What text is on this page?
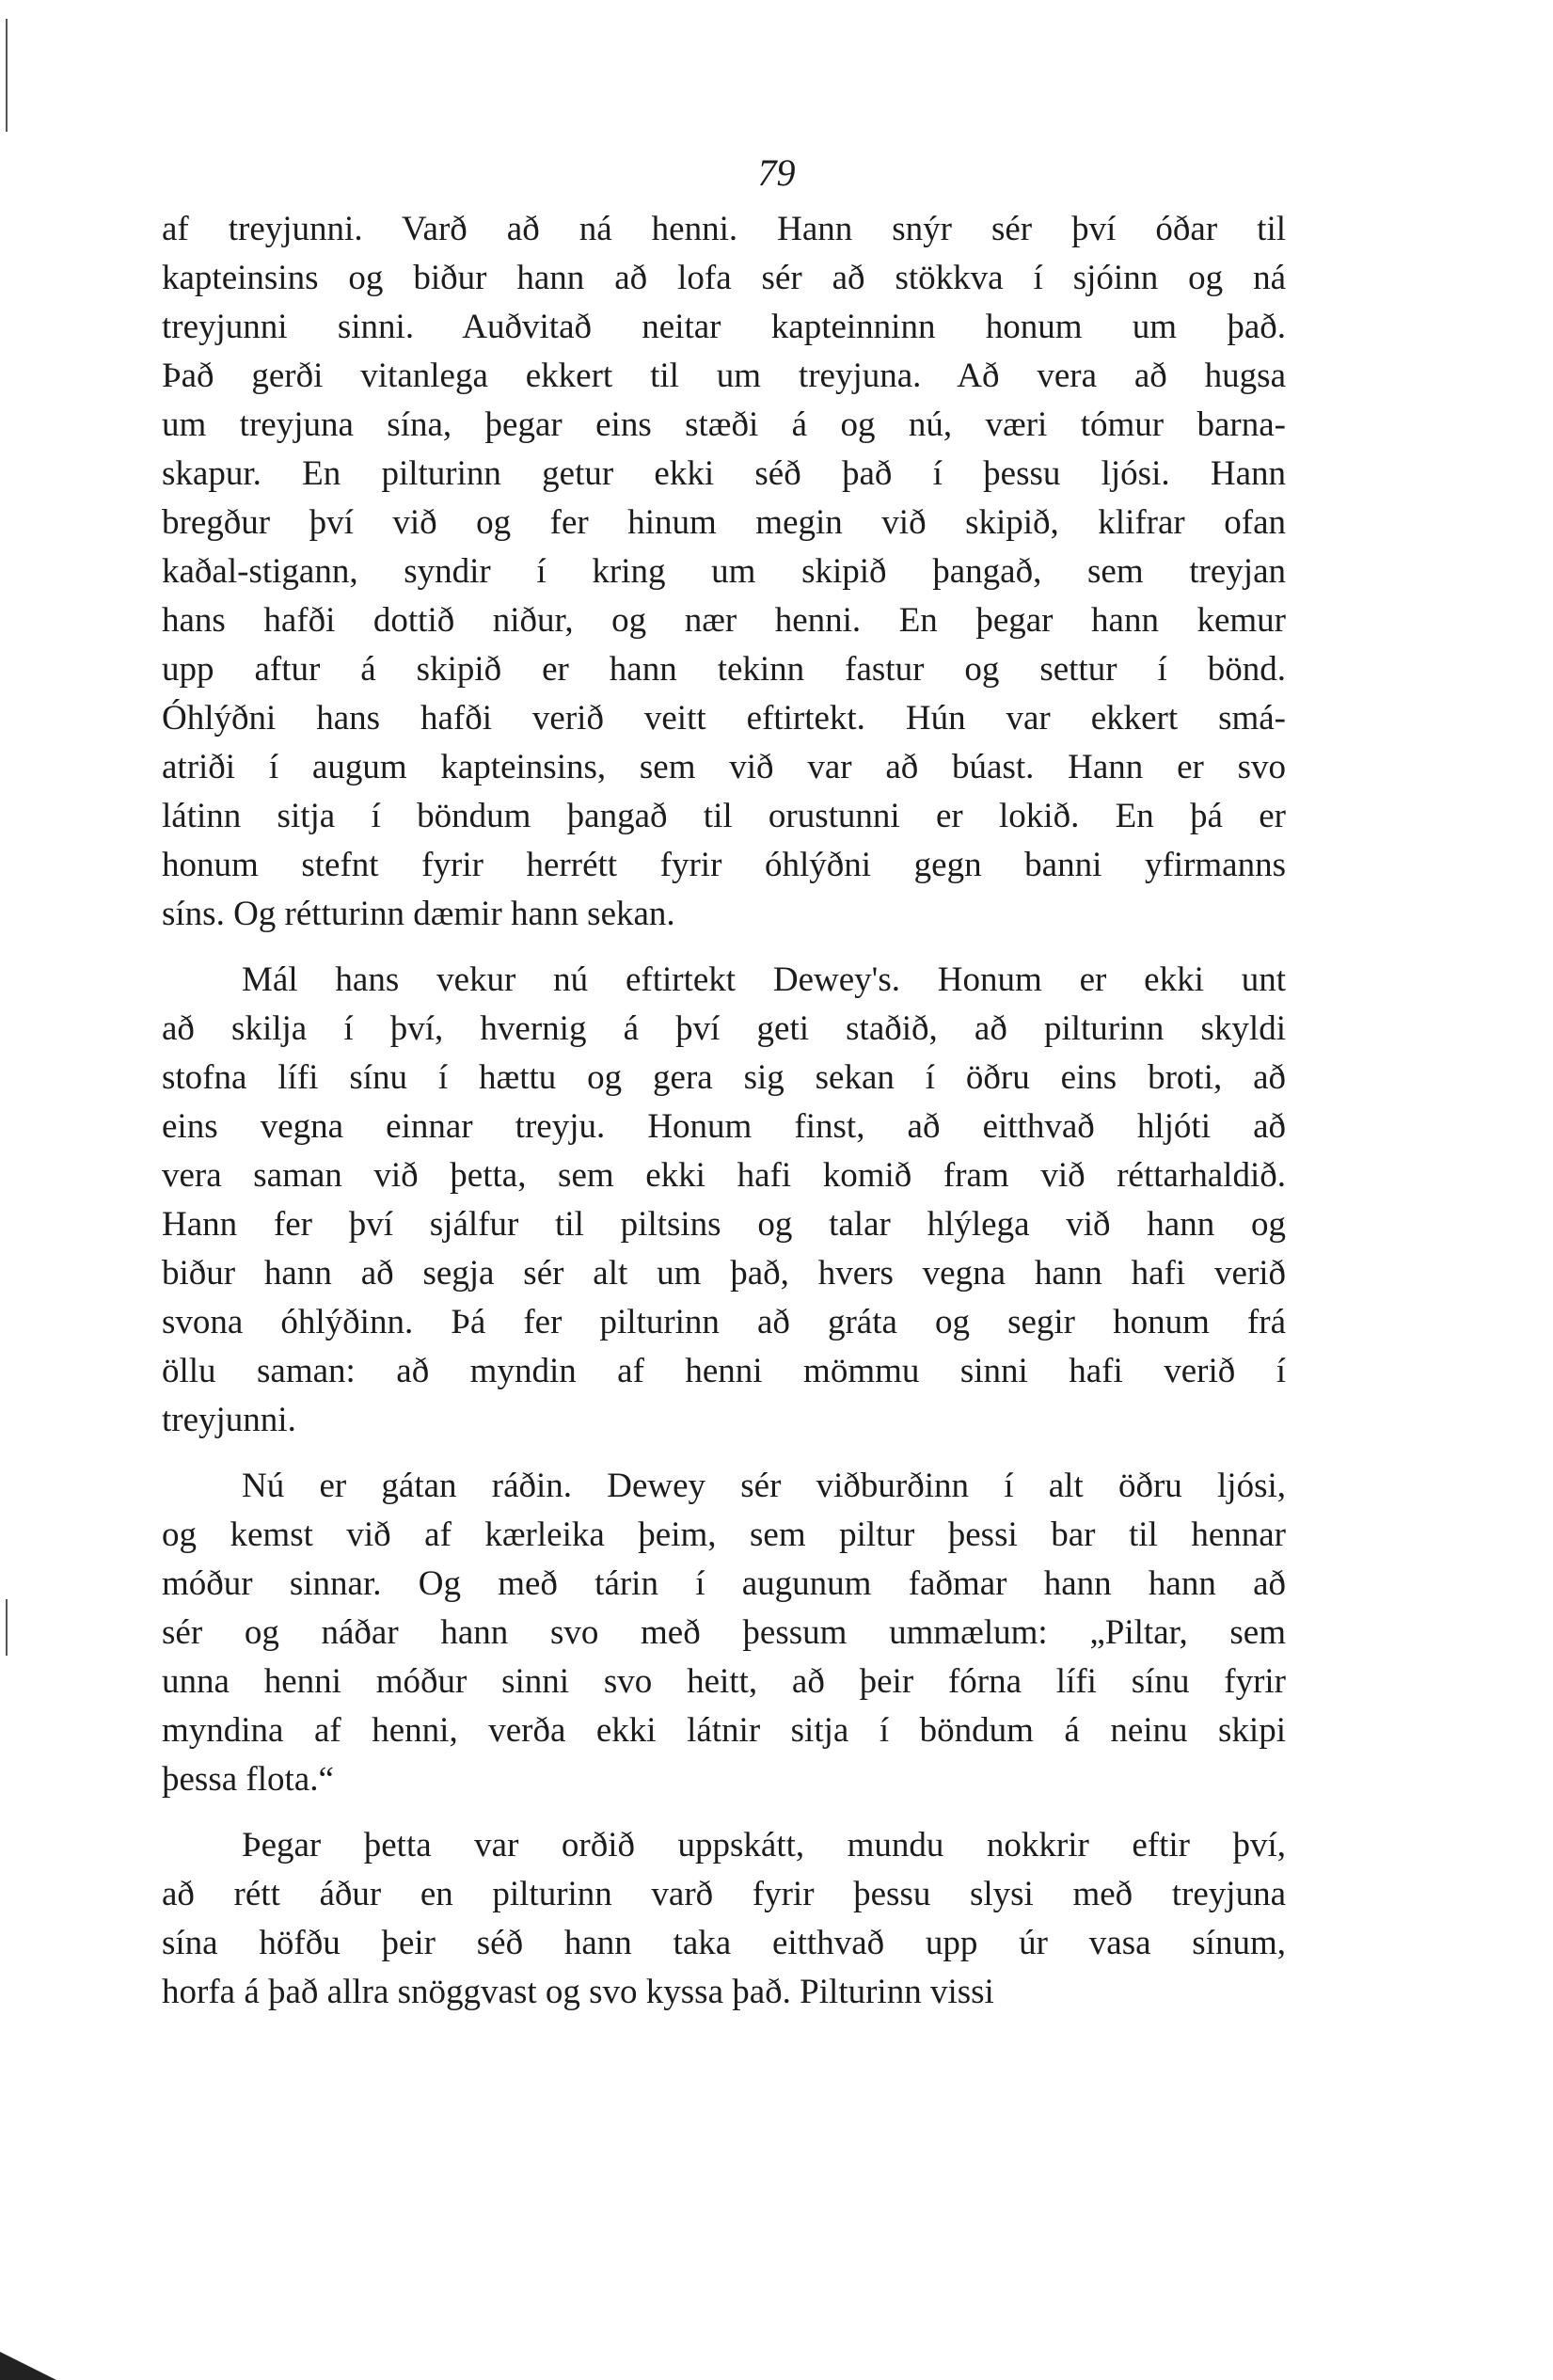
79
af treyjunni. Varð að ná henni. Hann snýr sér því óðar til
kapteinsins og biður hann að lofa sér að stökkva í sjóinn og ná
treyjunni sinni. Auðvitað neitar kapteinninn honum um það.
Það gerði vitanlega ekkert til um treyjuna. Að vera að hugsa
um treyjuna sína, þegar eins stæði á og nú, væri tómur barna-
skapur. En pilturinn getur ekki séð það í þessu ljósi. Hann
bregður því við og fer hinum megin við skipið, klifrar ofan
kaðal-stigann, syndir í kring um skipið þangað, sem treyjan
hans hafði dottið niður, og nær henni. En þegar hann kemur
upp aftur á skipið er hann tekinn fastur og settur í bönd.
Óhlýðni hans hafði verið veitt eftirtekt. Hún var ekkert smá-
atriði í augum kapteinsins, sem við var að búast. Hann er svo
látinn sitja í böndum þangað til orustunni er lokið. En þá er
honum stefnt fyrir herrétt fyrir óhlýðni gegn banni yfirmanns
síns. Og rétturinn dæmir hann sekan.
Mál hans vekur nú eftirtekt Dewey's. Honum er ekki unt
að skilja í því, hvernig á því geti staðið, að pilturinn skyldi
stofna lífi sínu í hættu og gera sig sekan í öðru eins broti, að
eins vegna einnar treyju. Honum finst, að eitthvað hljóti að
vera saman við þetta, sem ekki hafi komið fram við réttarhaldið.
Hann fer því sjálfur til piltsins og talar hlýlega við hann og
biður hann að segja sér alt um það, hvers vegna hann hafi verið
svona óhlýðinn. Þá fer pilturinn að gráta og segir honum frá
öllu saman: að myndin af henni mömmu sinni hafi verið í
treyjunni.
Nú er gátan ráðin. Dewey sér viðburðinn í alt öðru ljósi,
og kemst við af kærleika þeim, sem piltur þessi bar til hennar
móður sinnar. Og með tárin í augunum faðmar hann hann að
sér og náðar hann svo með þessum ummælum: „Piltar, sem
unna henni móður sinni svo heitt, að þeir fórna lífi sínu fyrir
myndina af henni, verða ekki látnir sitja í böndum á neinu skipi
þessa flota.“
Þegar þetta var orðið uppskátt, mundu nokkrir eftir því,
að rétt áður en pilturinn varð fyrir þessu slysi með treyjuna
sína höfðu þeir séð hann taka eitthvað upp úr vasa sínum,
horfa á það allra snöggvast og svo kyssa það. Pilturinn vissi
